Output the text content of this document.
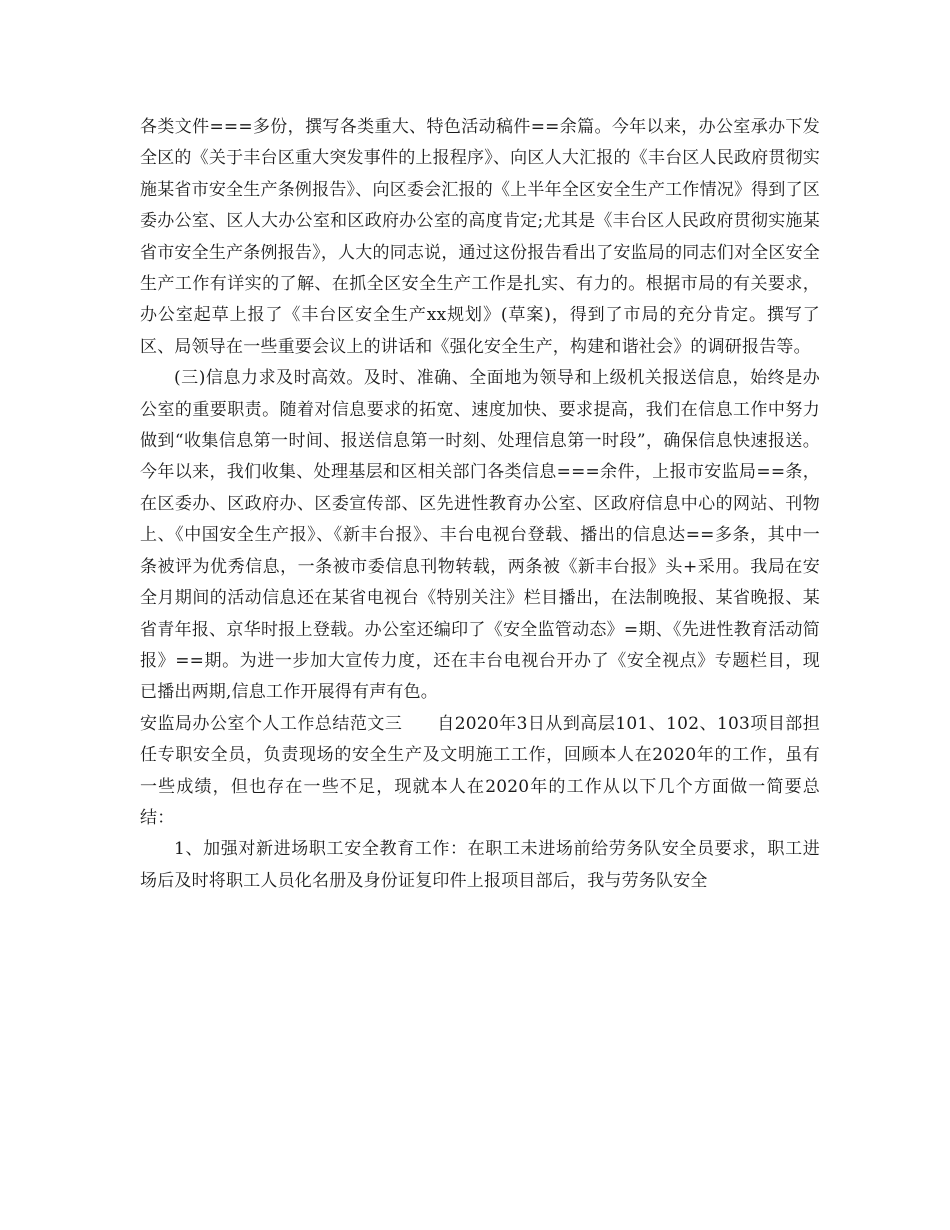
各类文件===多份，撰写各类重大、特色活动稿件==余篇。今年以来，办公室承办下发全区的《关于丰台区重大突发事件的上报程序》、向区人大汇报的《丰台区人民政府贯彻实施某省市安全生产条例报告》、向区委会汇报的《上半年全区安全生产工作情况》得到了区委办公室、区人大办公室和区政府办公室的高度肯定;尤其是《丰台区人民政府贯彻实施某省市安全生产条例报告》，人大的同志说，通过这份报告看出了安监局的同志们对全区安全生产工作有详实的了解、在抓全区安全生产工作是扎实、有力的。根据市局的有关要求，办公室起草上报了《丰台区安全生产xx规划》(草案)，得到了市局的充分肯定。撰写了区、局领导在一些重要会议上的讲话和《强化安全生产，构建和谐社会》的调研报告等。

(三)信息力求及时高效。及时、准确、全面地为领导和上级机关报送信息，始终是办公室的重要职责。随着对信息要求的拓宽、速度加快、要求提高，我们在信息工作中努力做到“收集信息第一时间、报送信息第一时刻、处理信息第一时段”，确保信息快速报送。今年以来，我们收集、处理基层和区相关部门各类信息===余件，上报市安监局==条，在区委办、区政府办、区委宣传部、区先进性教育办公室、区政府信息中心的网站、刊物上、《中国安全生产报》、《新丰台报》、丰台电视台登载、播出的信息达==多条，其中一条被评为优秀信息，一条被市委信息刊物转载，两条被《新丰台报》头+采用。我局在安全月期间的活动信息还在某省电视台《特别关注》栏目播出，在法制晚报、某省晚报、某省青年报、京华时报上登载。办公室还编印了《安全监管动态》=期、《先进性教育活动简报》==期。为进一步加大宣传力度，还在丰台电视台开办了《安全视点》专题栏目，现已播出两期,信息工作开展得有声有色。

安监局办公室个人工作总结范文三　　自2020年3日从到高层101、102、103项目部担任专职安全员，负责现场的安全生产及文明施工工作，回顾本人在2020年的工作，虽有一些成绩，但也存在一些不足，现就本人在2020年的工作从以下几个方面做一简要总结：

1、加强对新进场职工安全教育工作：在职工未进场前给劳务队安全员要求，职工进场后及时将职工人员化名册及身份证复印件上报项目部后，我与劳务队安全
